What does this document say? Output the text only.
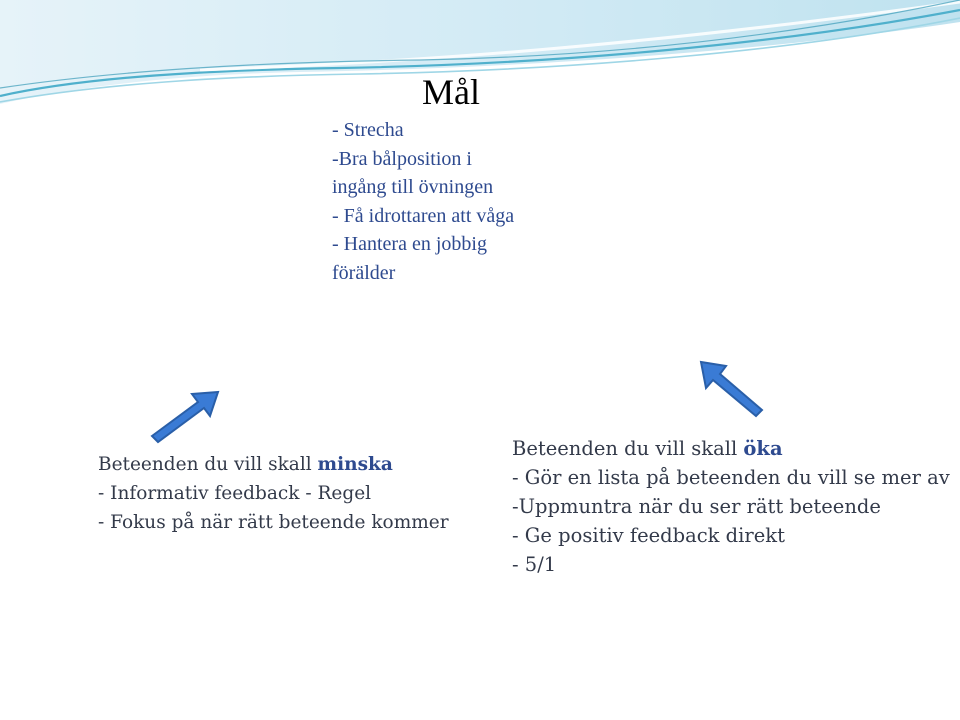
Mål
- Strecha
-Bra bålposition i
ingång till övningen
- Få idrottaren att våga
- Hantera en jobbig
förälder
Beteenden du vill skall minska
- Informativ feedback - Regel
- Fokus på när rätt beteende kommer
Beteenden du vill skall öka
- Gör en lista på beteenden du vill se mer av
-Uppmuntra när du ser rätt beteende
- Ge positiv feedback direkt
- 5/1
